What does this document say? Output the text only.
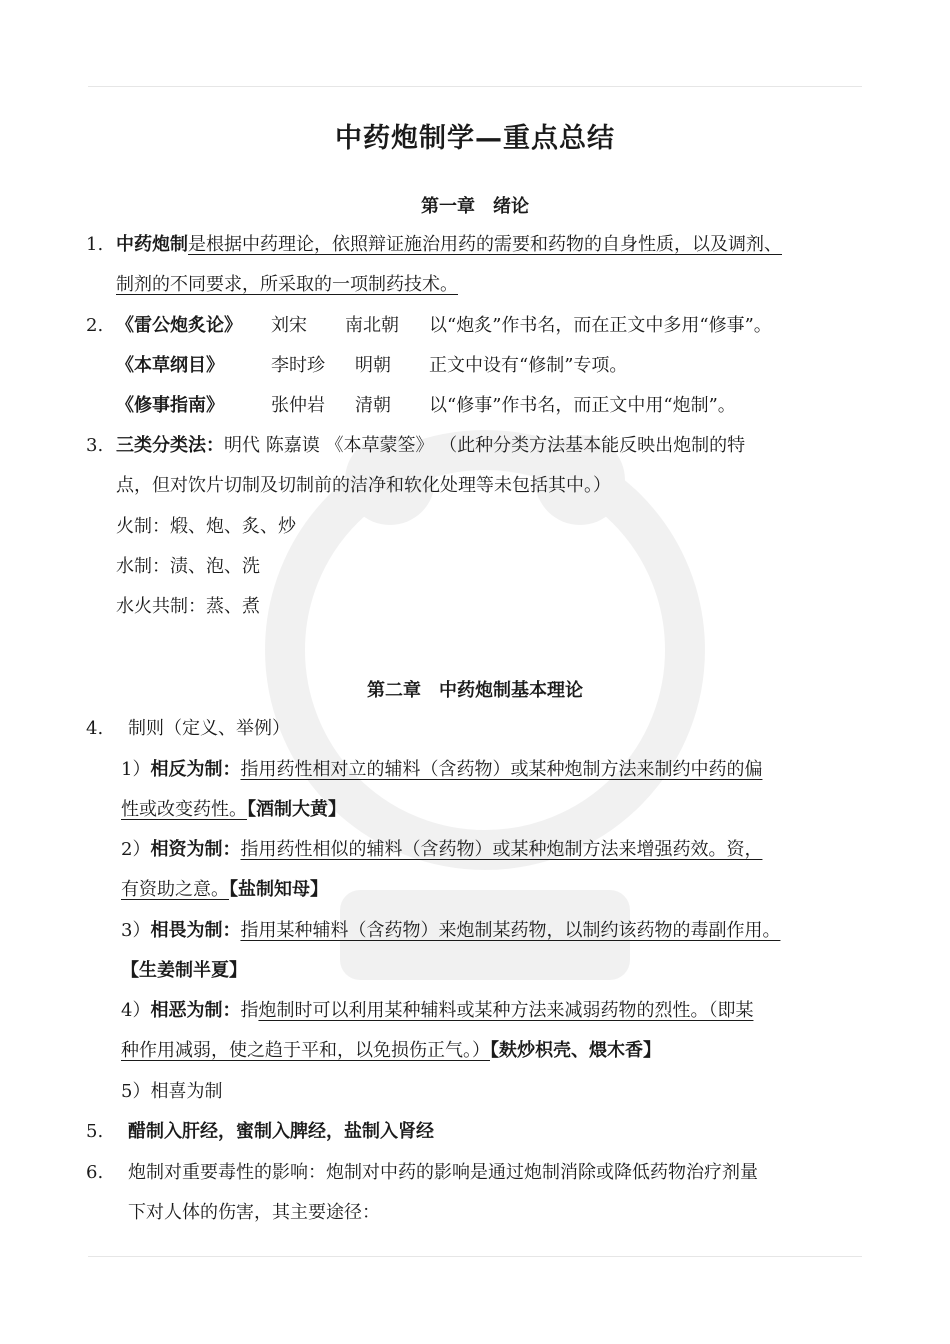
中药炮制学—重点总结
第一章　绪论
1. 中药炮制是根据中药理论，依照辩证施治用药的需要和药物的自身性质，以及调剂、
制剂的不同要求，所采取的一项制药技术。
2. 《雷公炮炙论》 刘宋 南北朝 以“炮炙”作书名，而在正文中多用“修事”。
《本草纲目》	李时珍 明朝 正文中设有“修制”专项。
《修事指南》	张仲岩 清朝 以“修事”作书名，而正文中用“炮制”。
3. 三类分类法：明代 陈嘉谟 《本草蒙筌》 （此种分类方法基本能反映出炮制的特
点，但对饮片切制及切制前的洁净和软化处理等未包括其中。）
火制：煅、炮、炙、炒
水制：渍、泡、洗
水火共制：蒸、煮
第二章　中药炮制基本理论
4. 制则（定义、举例）
1）相反为制：指用药性相对立的辅料（含药物）或某种炮制方法来制约中药的偏
性或改变药性。【酒制大黄】
2）相资为制：指用药性相似的辅料（含药物）或某种炮制方法来增强药效。资，
有资助之意。【盐制知母】
3）相畏为制：指用某种辅料（含药物）来炮制某药物，以制约该药物的毒副作用。
【生姜制半夏】
4）相恶为制：指炮制时可以利用某种辅料或某种方法来减弱药物的烈性。（即某
种作用减弱，使之趋于平和，以免损伤正气。）【麸炒枳壳、煨木香】
5）相喜为制
5. 醋制入肝经，蜜制入脾经，盐制入肾经
6. 炮制对重要毒性的影响：炮制对中药的影响是通过炮制消除或降低药物治疗剂量
下对人体的伤害，其主要途径：
